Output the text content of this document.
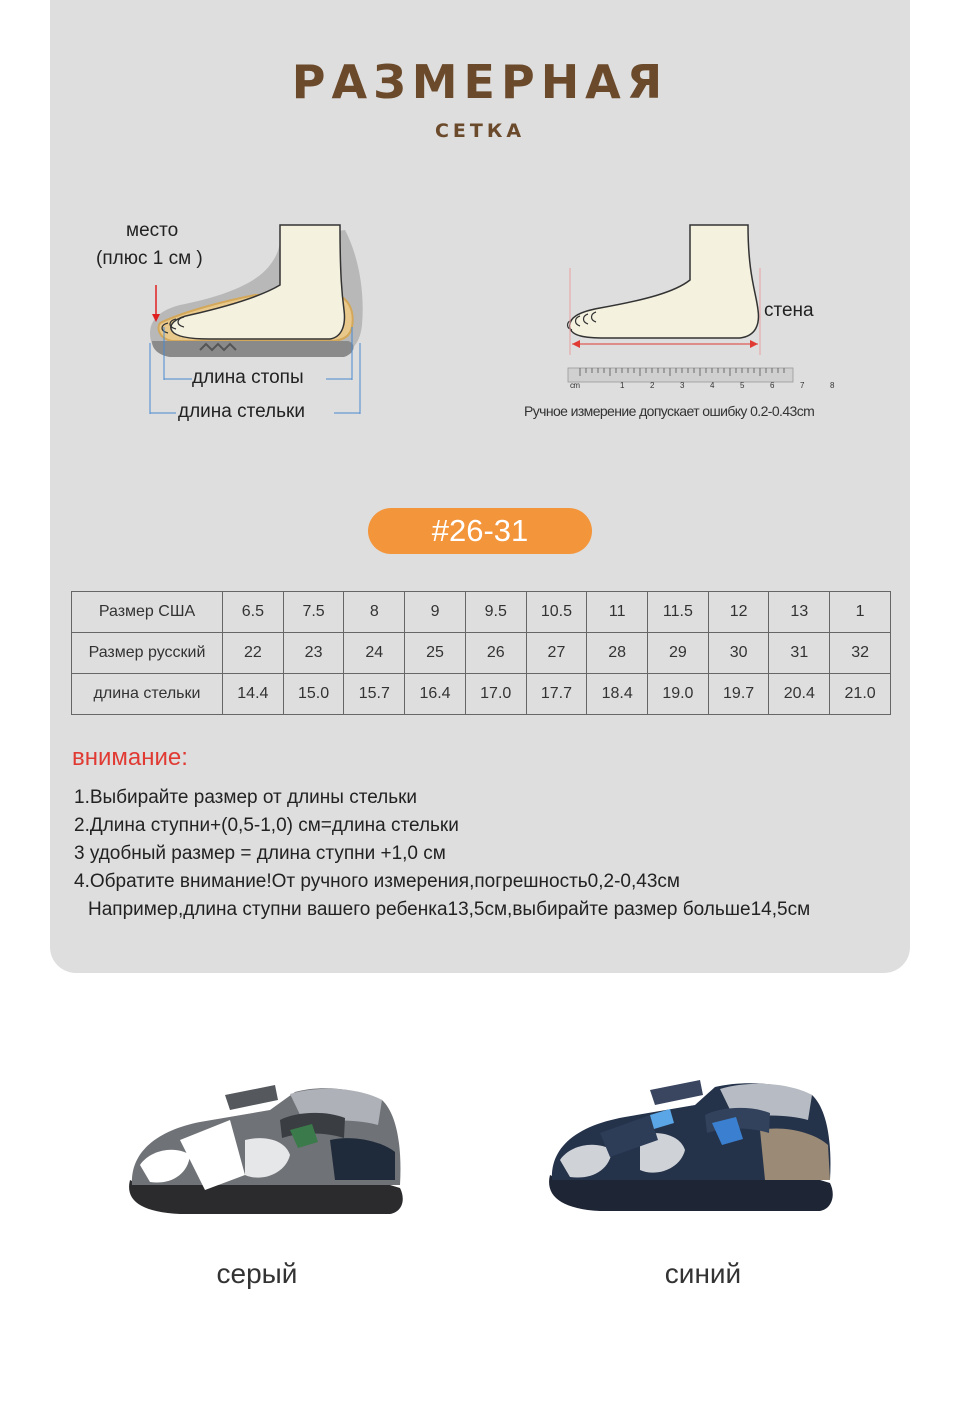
РАЗМЕРНАЯ
СЕТКА
место
(плюс 1 см )
длина стопы
длина стельки
стена
cm	1	2	3	4	5	6	7	8
Ручное измерение допускает ошибку 0.2-0.43cm
#26-31
Размер США	6.5	7.5	8	9	9.5	10.5	11	11.5	12	13	1
Размер русский	22	23	24	25	26	27	28	29	30	31	32
длина стельки	14.4	15.0	15.7	16.4	17.0	17.7	18.4	19.0	19.7	20.4	21.0
внимание:
1.Выбирайте размер от длины стельки
2.Длина ступни+(0,5-1,0) см=длина стельки
3 удобный размер = длина ступни +1,0 см
4.Обратите внимание!От ручного измерения,погрешность0,2-0,43см
Например,длина ступни вашего ребенка13,5см,выбирайте размер больше14,5см
серый	синий
